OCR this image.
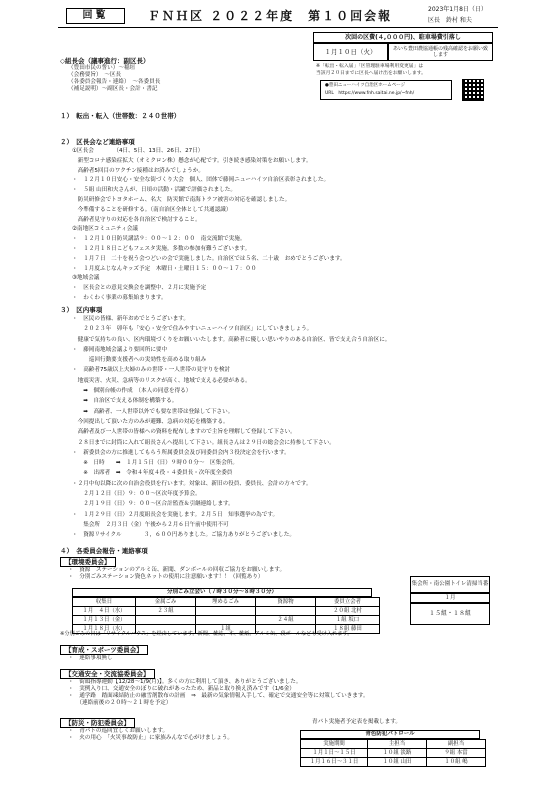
回覧	ＦＮＨ区 ２０２２年度　第１０回会報	2023年1月8日（日）
区長　鈴村 和夫
次回の区費(４,０００円)、駐車場費引落し
１月１０日（火）	あいち豊田農協通帳の残高確認をお願い致します
※「転出・転入届」「区管理駐車場利用変更届」は
当該月２０日までに区長へ届け出をお願いします。
●豊田ニューハイツ自治区ホームページ
URL　https://www.fnh.saitai.ne.jp/~fnh/
◇組長会（議事進行：副区長）
（豊田市民の誓い）～稲垣
（会務要旨）　～区長
（各委員会報告・連絡）　～各委員長
（補足説明）～副区長・会計・書記
１）　転出・転入（世帯数：２４０世帯）
２）　区長会など連絡事項
①区長会　　　　（4日、5日、13日、26日、27日）
　新型コロナ感染症拡大（オミクロン株）懸念が心配です。引き続き感染対策をお願いします。
　高齢者5回目のワクチン接種はお済みでしょうか。
・　１２月１０日安心・安全な街づくり大会　個人、団体で藤岡ニューハイツ自治区表彰されました。
・　５組 山田和夫さんが、日頃の活動・活躍で評価されました。
　防災研修会でトヨタホーム、名大　防災館で南海トラフ被害の対応を確認しました。
　今準備することを研修する。（南自治区全体として共通認識）
　高齢者見守りの対応を各自治区で検討すること。
②南地区コミュニティ会議
・　１２月１０日防災講話９：００～１２：００　南交流館で実施。
・　１２月１８日こどもフェスタ実施。多数の参加有難うございます。
・　１月７日　二十を祝う会つどいの会で実施しました。自治区では５名、二十歳　おめでとうございます。
・　１月度ふじなんキッズ予定　木曜日・土曜日１５：００～１７：００
③地域会議
・　区長会との意見交換会を調整中、２月に実施予定
・　わくわく事業の募集始まります。
３）　区内事項
・　区民の皆様、新年おめでとうございます。
　　２０２３年　卯年も「安心・安全で住みやすいニューハイツ自治区」にしていきましょう。
　健康で気持ちの良い、区内環境づくりをお願いいたします。高齢者に優しい思いやりのある自治区、皆で支え合う自治区に。
・　藤岡南地域会議より要回所に要中
　　　巡回行動要支援者への実効性を高める取り組み
・　高齢者75歳以上夫婦のみの世帯・一人世帯の見守りを検討
　地震災害、火災、急病等のリスクが高く、地域で支える必要がある。
　　➡　個別台帳の作成　（本人の同意を得る）
　　➡　自治区で支える体制を構築する。
　　➡　高齢者、一人世帯以外でも要な世帯は登録して下さい。
　今回提出して頂いた方のみが避難、急病の対応を構築する。
　高齢者及び一人世帯の皆様への資料を配布しますので主旨を理解して登録して下さい。
　２８日までに封筒に入れて組長さんへ提出して下さい。組長さんは２９日の総会会に持参して下さい。
・　新委員会の方に推進してもらう所属委員会及び同委員会内３役決定会を行います。
　　※　日時　　➡　１月１５日（日）９時００分～　区集会所。
　　※　出席者　➡　令和４年度４役・４委員長・次年度全委員
・２月中旬以降に次の自治会役員を行います。対象は、新旧の役員、委員長、会計の方々です。
　　２月１２日（日）９：００～区次年度予算会。
　　２月１９日（日）９：００～区合計監査＆引継連絡します。
・　１月２９日（日）２月度組長会を実施します。２月５日　知事選挙の為です。
　　集会所　２月３日（金）午後から２月６日午前中使用不可
・　資源リサイクル　　　　３，６００円ありました。ご協力ありがとうございました。
４）　各委員会報告・連絡事項
【環境委員会】
・　資源　ステーションのアルミ缶、新聞、ダンボールの回収ご協力をお願いします。
・　分別ごみステーション資色ネットの使用に注意願います！！（回覧あり）
分別ごみ立会い（７時３０分～８時３０分）
収集日	金属ごみ	埋めるごみ	資源物	委員立会者
１月　４日（水）	２３組			２０組 北村
１月１３日（金）			２４組	１組 坂口
１月１８日（水）		１組		１８組 藤田
集会所・南公園トイレ清掃当番
１月
１５組・１８組
※分別ごみの日は「リサイクルハウス」を経由しています。新聞、雑誌、本、雑紙、アルミ缶、段ボールなども受け入れます。
【育成・スポーツ委員会】
・　連絡事項無し
【交通安全・交流協委員会】
・　街頭指導運動【12/28～1/9(月)】。多くの方に利用して頂き、ありがとうございました。
・　実例入り口、交通安全のぼりに破れがあったため、新品と取り換え済みです（1/6金）
・　通学路　踏面凍結防止の融雪剤散布の計画　⇒　最新の気象情報入手して、確定で交通安全等に対策していきます。
　　（連絡前後の２０時～２１時を予定）
【防災・防犯委員会】
・　青パトの巡回宜しくお願いします。
・　火の用心　「火災事故防止」に家族みんなで心がけましょう。
青パト実施者予定表を掲載します。
青色防犯パトロール
実施期間	主担当	副担当
１月１日～１５日	１０組 淡路	９組 本當
１月１６日～３１日	１０組 山田	１０組 嶋
